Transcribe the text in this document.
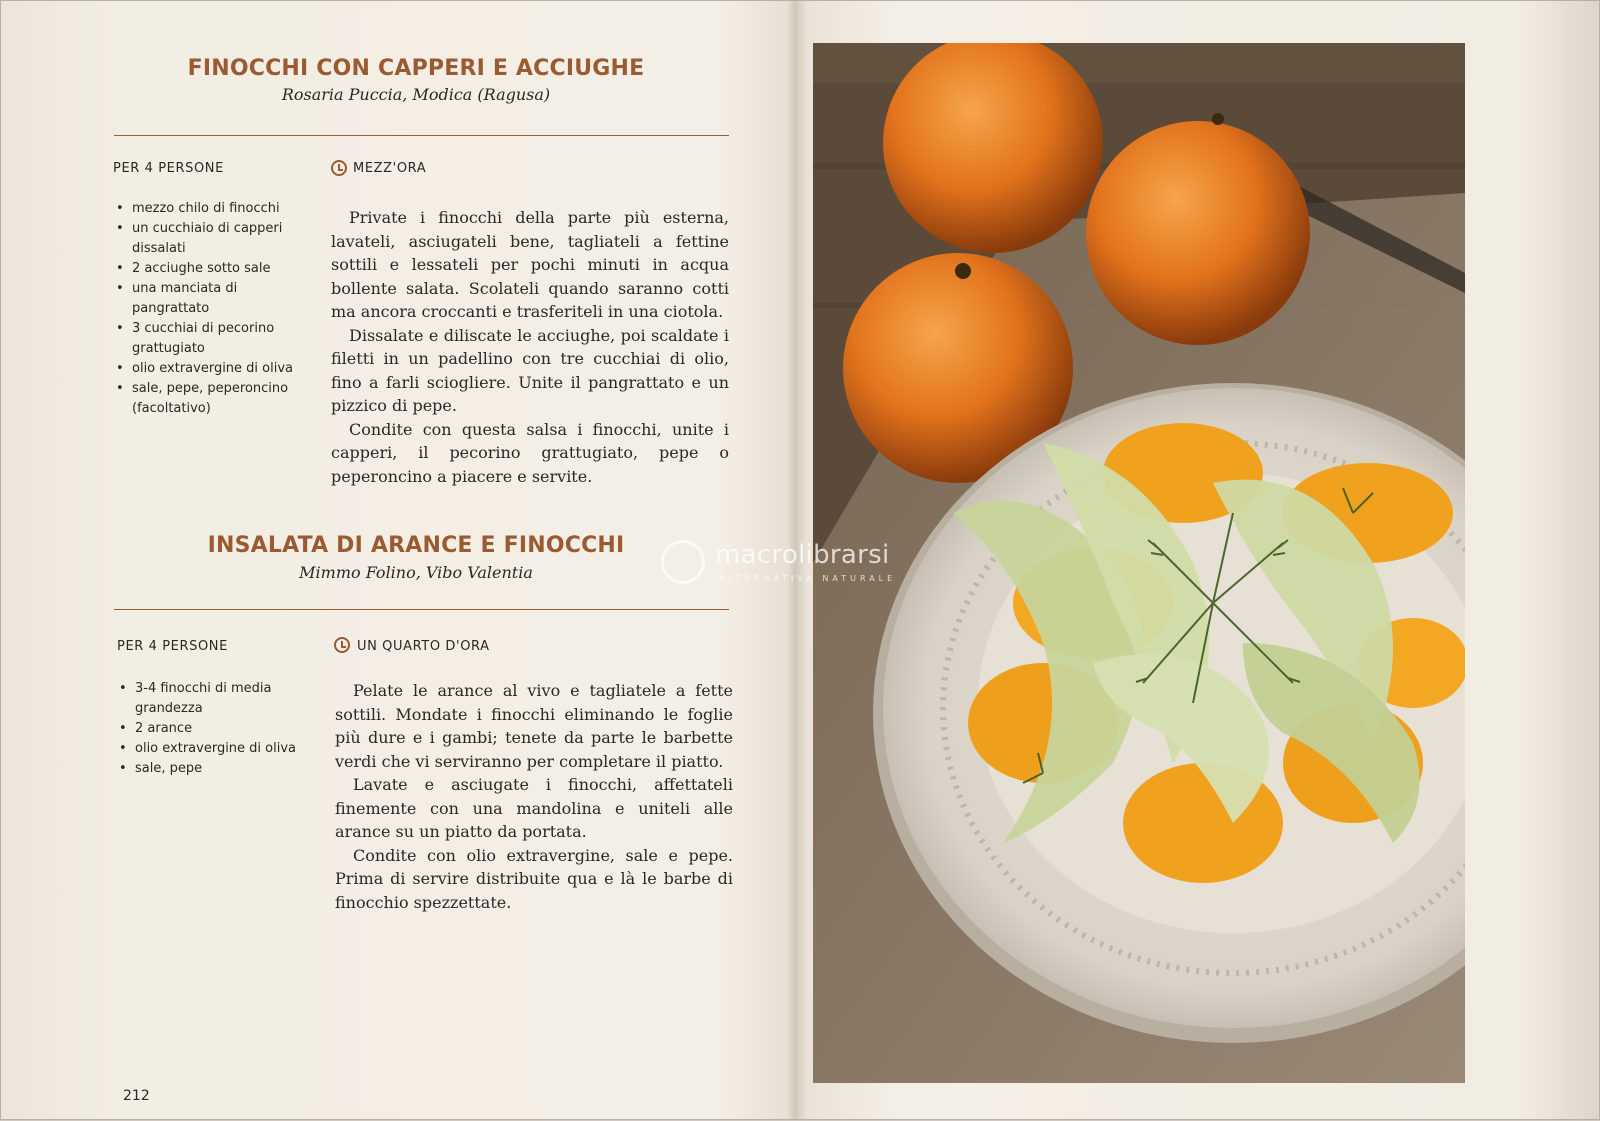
FINOCCHI CON CAPPERI E ACCIUGHE
Rosaria Puccia, Modica (Ragusa)
PER 4 PERSONE	MEZZ'ORA
• mezzo chilo di finocchi
• un cucchiaio di capperi dissalati
• 2 acciughe sotto sale
• una manciata di pangrattato
• 3 cucchiai di pecorino grattugiato
• olio extravergine di oliva
• sale, pepe, peperoncino (facoltativo)

Private i finocchi della parte più esterna, lavateli, asciugateli bene, tagliateli a fettine sottili e lessateli per pochi minuti in acqua bollente salata. Scolateli quando saranno cotti ma ancora croccanti e trasferiteli in una ciotola.

Dissalate e diliscate le acciughe, poi scaldate i filetti in un padellino con tre cucchiai di olio, fino a farli sciogliere. Unite il pangrattato e un pizzico di pepe.

Condite con questa salsa i finocchi, unite i capperi, il pecorino grattugiato, pepe o peperoncino a piacere e servite.

INSALATA DI ARANCE E FINOCCHI
Mimmo Folino, Vibo Valentia
PER 4 PERSONE	UN QUARTO D'ORA
• 3-4 finocchi di media grandezza
• 2 arance
• olio extravergine di oliva
• sale, pepe

Pelate le arance al vivo e tagliatele a fette sottili. Mondate i finocchi eliminando le foglie più dure e i gambi; tenete da parte le barbette verdi che vi serviranno per completare il piatto.

Lavate e asciugate i finocchi, affettateli finemente con una mandolina e uniteli alle arance su un piatto da portata.

Condite con olio extravergine, sale e pepe. Prima di servire distribuite qua e là le barbe di finocchio spezzettate.

212
macrolibrarsi
ALTERNATIVA NATURALE
